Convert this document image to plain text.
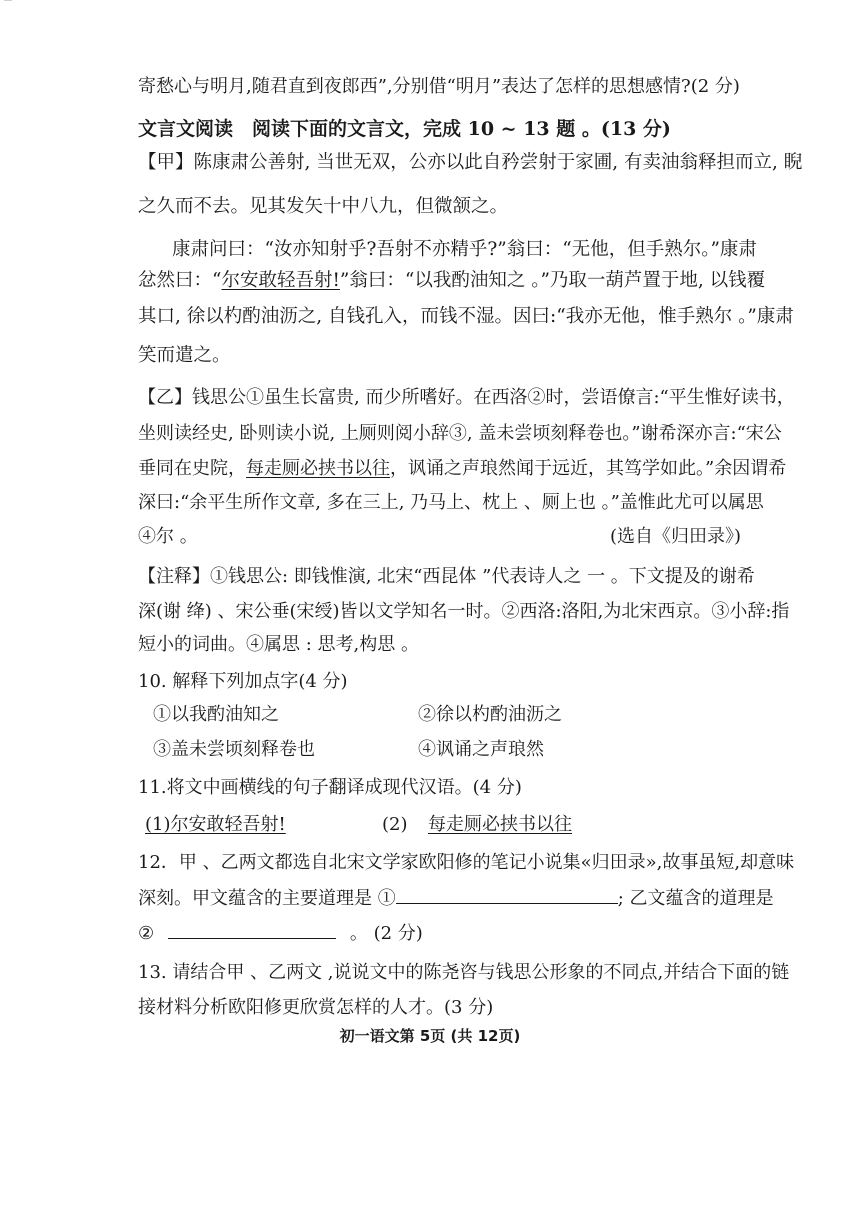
寄愁心与明月,随君直到夜郎西”,分别借“明月”表达了怎样的思想感情?(2 分)
文言文阅读　阅读下面的文言文，完成 10 ~ 13 题 。(13 分)
【甲】陈康肃公善射, 当世无双，公亦以此自矜尝射于家圃, 有卖油翁释担而立, 睨
之久而不去。见其发矢十中八九，但微颔之。
康肃问曰：“汝亦知射乎?吾射不亦精乎?”翁曰：“无他，但手熟尔。”康肃
忿然曰：“尔安敢轻吾射!”翁曰：“以我酌油知之 。”乃取一葫芦置于地, 以钱覆
其口, 徐以杓酌油沥之, 自钱孔入，而钱不湿。因曰:“我亦无他，惟手熟尔 。”康肃
笑而遣之。
【乙】钱思公①虽生长富贵, 而少所嗜好。在西洛②时，尝语僚言:“平生惟好读书，
坐则读经史, 卧则读小说, 上厕则阅小辞③, 盖未尝顷刻释卷也。”谢希深亦言:“宋公
垂同在史院，每走厕必挟书以往，讽诵之声琅然闻于远近，其笃学如此。”余因谓希
深曰:“余平生所作文章, 多在三上, 乃马上、枕上 、厕上也 。”盖惟此尤可以属思
④尔 。	(选自《归田录》)
【注释】①钱思公: 即钱惟演, 北宋“西昆体 ”代表诗人之 一 。下文提及的谢希
深(谢 绛) 、宋公垂(宋绶)皆以文学知名一时。②西洛:洛阳,为北宋西京。③小辞:指
短小的词曲。④属思 : 思考,构思 。
10. 解释下列加点字(4 分)
①以我酌油知之	②徐以杓酌油沥之
③盖未尝顷刻释卷也	④讽诵之声琅然
11.将文中画横线的句子翻译成现代汉语。(4 分)
(1)尔安敢轻吾射!	(2) 每走厕必挟书以往
12．甲 、乙两文都选自北宋文学家欧阳修的笔记小说集«归田录»,故事虽短,却意味
深刻。甲文蕴含的主要道理是 ①	; 乙文蕴含的道理是
②	。 (2 分)
13. 请结合甲 、乙两文 ,说说文中的陈尧咨与钱思公形象的不同点,并结合下面的链
接材料分析欧阳修更欣赏怎样的人才。(3 分)
初一语文第 5页 (共 12页)
